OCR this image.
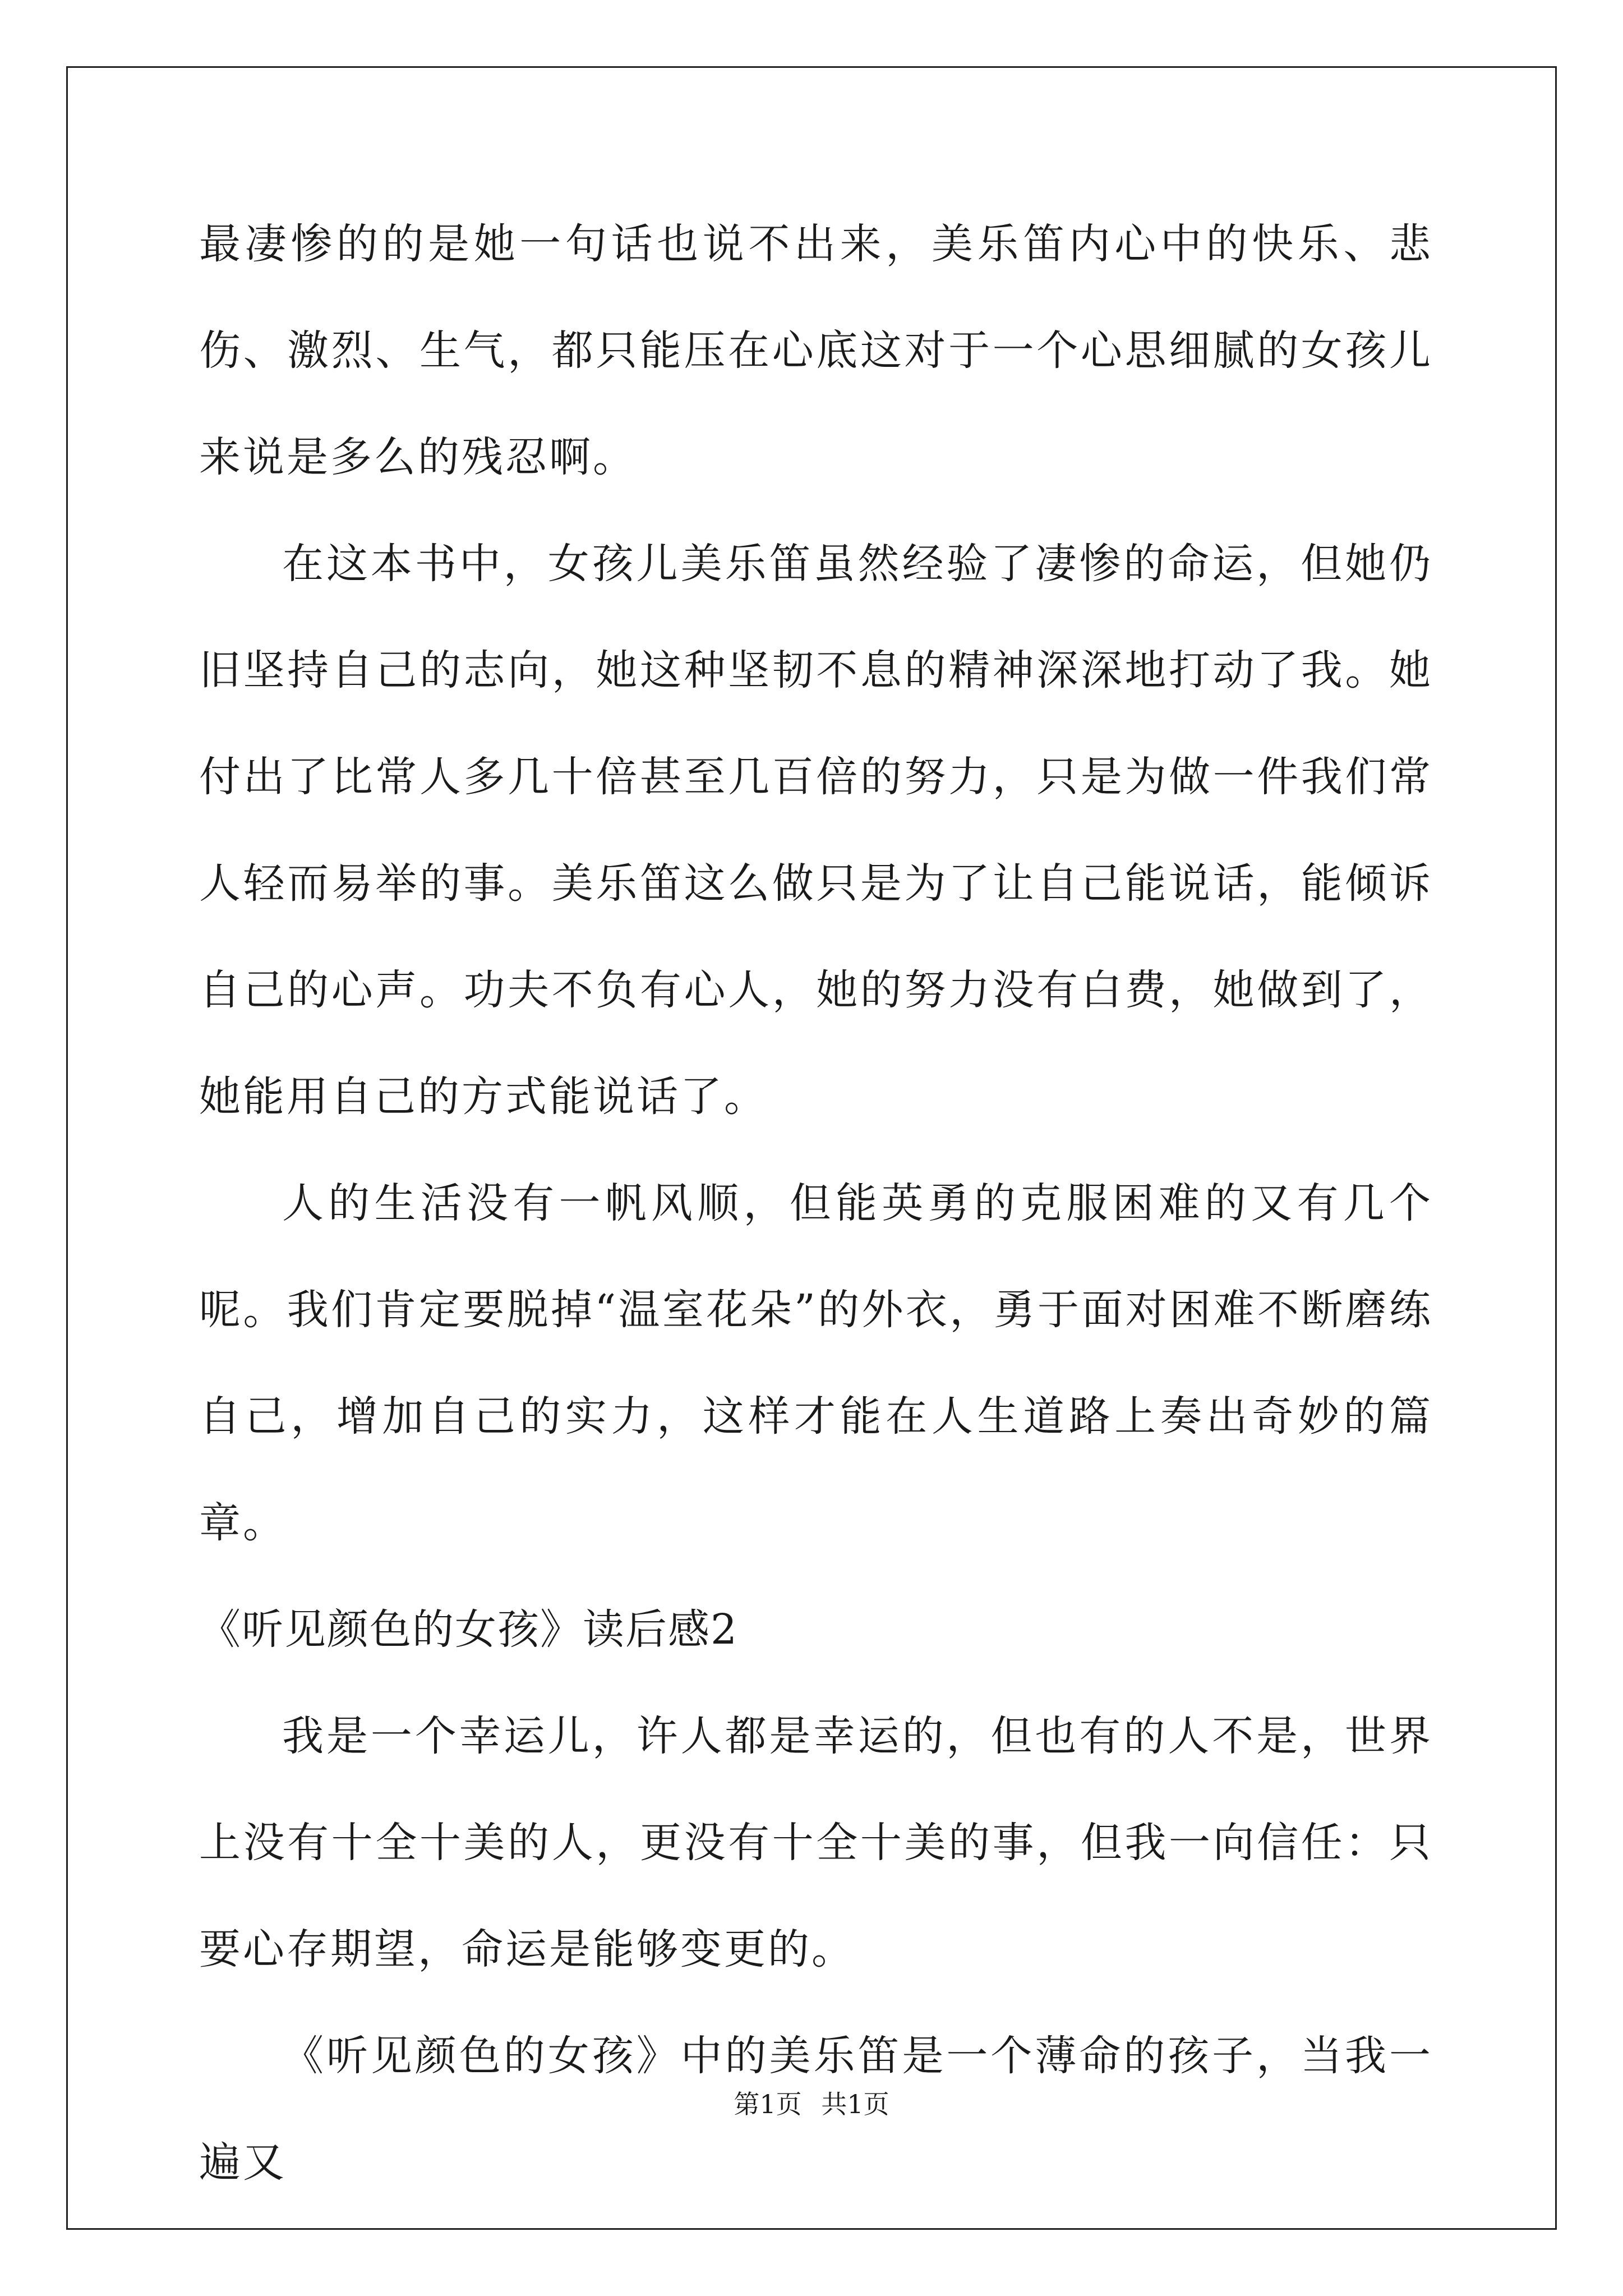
最凄惨的的是她一句话也说不出来，美乐笛内心中的快乐、悲伤、激烈、生气，都只能压在心底这对于一个心思细腻的女孩儿来说是多么的残忍啊。

在这本书中，女孩儿美乐笛虽然经验了凄惨的命运，但她仍旧坚持自己的志向，她这种坚韧不息的精神深深地打动了我。她付出了比常人多几十倍甚至几百倍的努力，只是为做一件我们常人轻而易举的事。美乐笛这么做只是为了让自己能说话，能倾诉自己的心声。功夫不负有心人，她的努力没有白费，她做到了，她能用自己的方式能说话了。

人的生活没有一帆风顺，但能英勇的克服困难的又有几个呢。我们肯定要脱掉“温室花朵”的外衣，勇于面对困难不断磨练自己，增加自己的实力，这样才能在人生道路上奏出奇妙的篇章。

《听见颜色的女孩》读后感2

我是一个幸运儿，许人都是幸运的，但也有的人不是，世界上没有十全十美的人，更没有十全十美的事，但我一向信任：只要心存期望，命运是能够变更的。

《听见颜色的女孩》中的美乐笛是一个薄命的孩子，当我一遍又

第1页 共1页
